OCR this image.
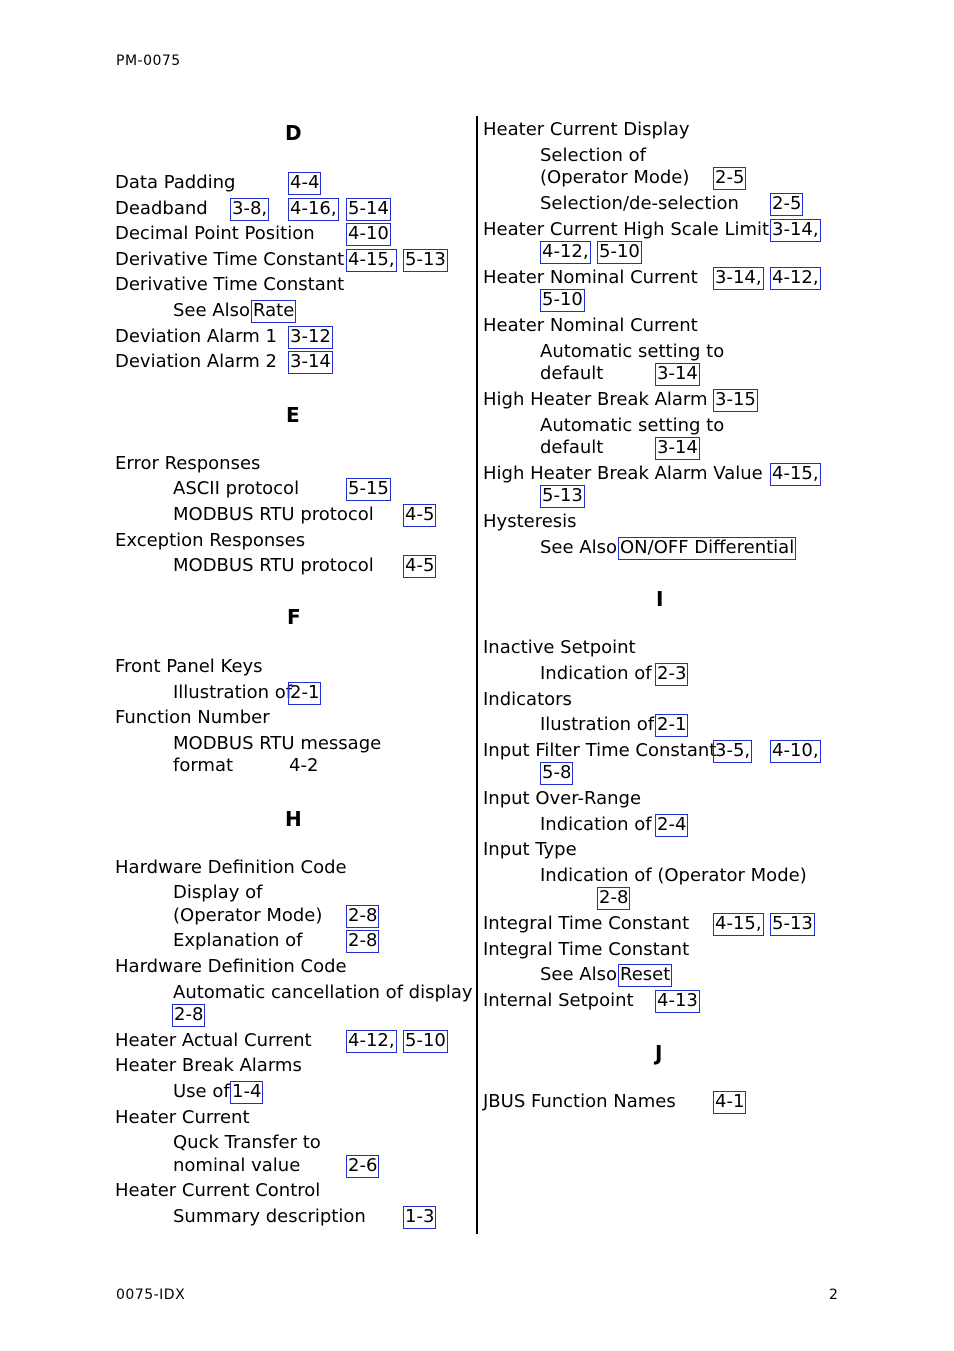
PM-0075
D
Data Padding	4-4
Deadband 3-8, 4-16, 5-14
Decimal Point Position 4-10
Derivative Time Constant 4-15, 5-13
Derivative Time Constant
See Also Rate
Deviation Alarm 1 3-12
Deviation Alarm 2 3-14
E
Error Responses
ASCII protocol	5-15
MODBUS RTU protocol 4-5
Exception Responses
MODBUS RTU protocol 4-5
F
Front Panel Keys
Illustration of
2-1
Function Number
MODBUS RTU message
format	4-2
H
Hardware Definition Code
Display of
(Operator Mode) 2-8
Explanation of	2-8
Hardware Definition Code
Automatic cancellation of display
2-8
Heater Actual Current 4-12, 5-10
Heater Break Alarms
Use of 1-4
Heater Current
Quck Transfer to
nominal value	2-6
Heater Current Control
Summary description 1-3
Heater Current Display
Selection of
(Operator Mode) 2-5
Selection/de-selection 2-5
Heater Current High Scale Limit 3-14,
4-12, 5-10
Heater Nominal Current 3-14, 4-12,
5-10
Heater Nominal Current
Automatic setting to
default	3-14
High Heater Break Alarm 3-15
Automatic setting to
default	3-14
High Heater Break Alarm Value 4-15,
5-13
Hysteresis
See Also ON/OFF Differential
I
Inactive Setpoint
Indication of 2-3
Indicators
Ilustration of 2-1
Input Filter Time Constant
3-5, 4-10,
5-8
Input Over-Range
Indication of 2-4
Input Type
Indication of (Operator Mode)
2-8
Integral Time Constant 4-15, 5-13
Integral Time Constant
See Also Reset
Internal Setpoint 4-13
J
JBUS Function Names 4-1
0075-IDX	2
